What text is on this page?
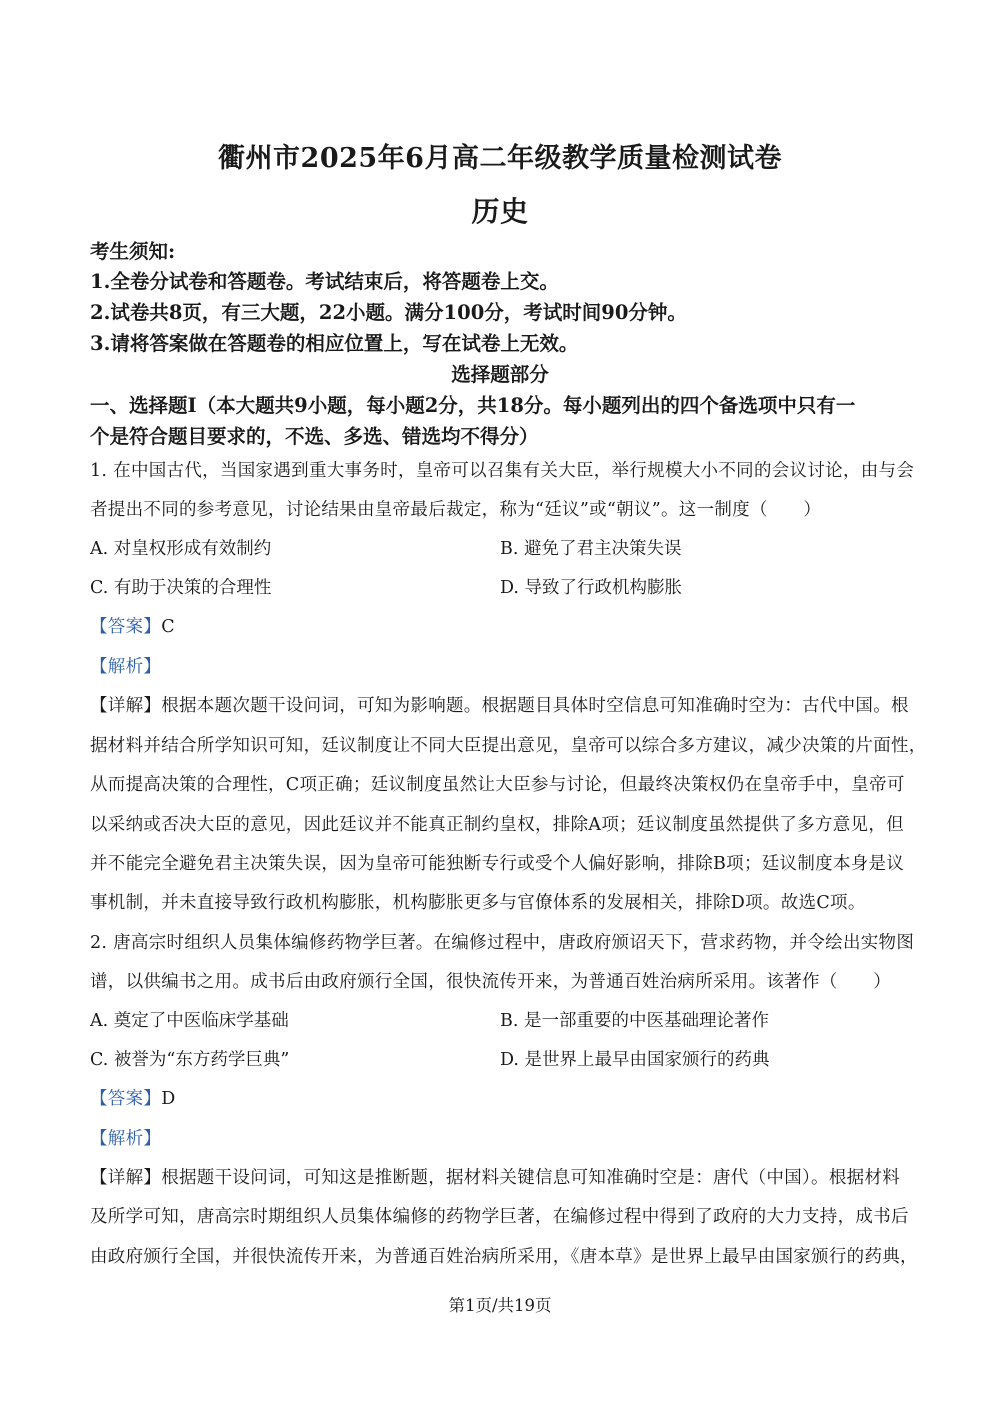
衢州市2025年6月高二年级教学质量检测试卷
历史
考生须知:
1.全卷分试卷和答题卷。考试结束后，将答题卷上交。
2.试卷共8页，有三大题，22小题。满分100分，考试时间90分钟。
3.请将答案做在答题卷的相应位置上，写在试卷上无效。
选择题部分
一、选择题Ⅰ（本大题共9小题，每小题2分，共18分。每小题列出的四个备选项中只有一
个是符合题目要求的，不选、多选、错选均不得分）
1. 在中国古代，当国家遇到重大事务时，皇帝可以召集有关大臣，举行规模大小不同的会议讨论，由与会
者提出不同的参考意见，讨论结果由皇帝最后裁定，称为“廷议”或“朝议”。这一制度（　　）
A. 对皇权形成有效制约	B. 避免了君主决策失误
C. 有助于决策的合理性	D. 导致了行政机构膨胀
【答案】C
【解析】
【详解】根据本题次题干设问词，可知为影响题。根据题目具体时空信息可知准确时空为：古代中国。根
据材料并结合所学知识可知，廷议制度让不同大臣提出意见，皇帝可以综合多方建议，减少决策的片面性，
从而提高决策的合理性，C项正确；廷议制度虽然让大臣参与讨论，但最终决策权仍在皇帝手中，皇帝可
以采纳或否决大臣的意见，因此廷议并不能真正制约皇权，排除A项；廷议制度虽然提供了多方意见，但
并不能完全避免君主决策失误，因为皇帝可能独断专行或受个人偏好影响，排除B项；廷议制度本身是议
事机制，并未直接导致行政机构膨胀，机构膨胀更多与官僚体系的发展相关，排除D项。故选C项。
2. 唐高宗时组织人员集体编修药物学巨著。在编修过程中，唐政府颁诏天下，营求药物，并令绘出实物图
谱，以供编书之用。成书后由政府颁行全国，很快流传开来，为普通百姓治病所采用。该著作（　　）
A. 奠定了中医临床学基础	B. 是一部重要的中医基础理论著作
C. 被誉为“东方药学巨典”	D. 是世界上最早由国家颁行的药典
【答案】D
【解析】
【详解】根据题干设问词，可知这是推断题，据材料关键信息可知准确时空是：唐代（中国）。根据材料
及所学可知，唐高宗时期组织人员集体编修的药物学巨著，在编修过程中得到了政府的大力支持，成书后
由政府颁行全国，并很快流传开来，为普通百姓治病所采用，《唐本草》是世界上最早由国家颁行的药典，
第1页/共19页
